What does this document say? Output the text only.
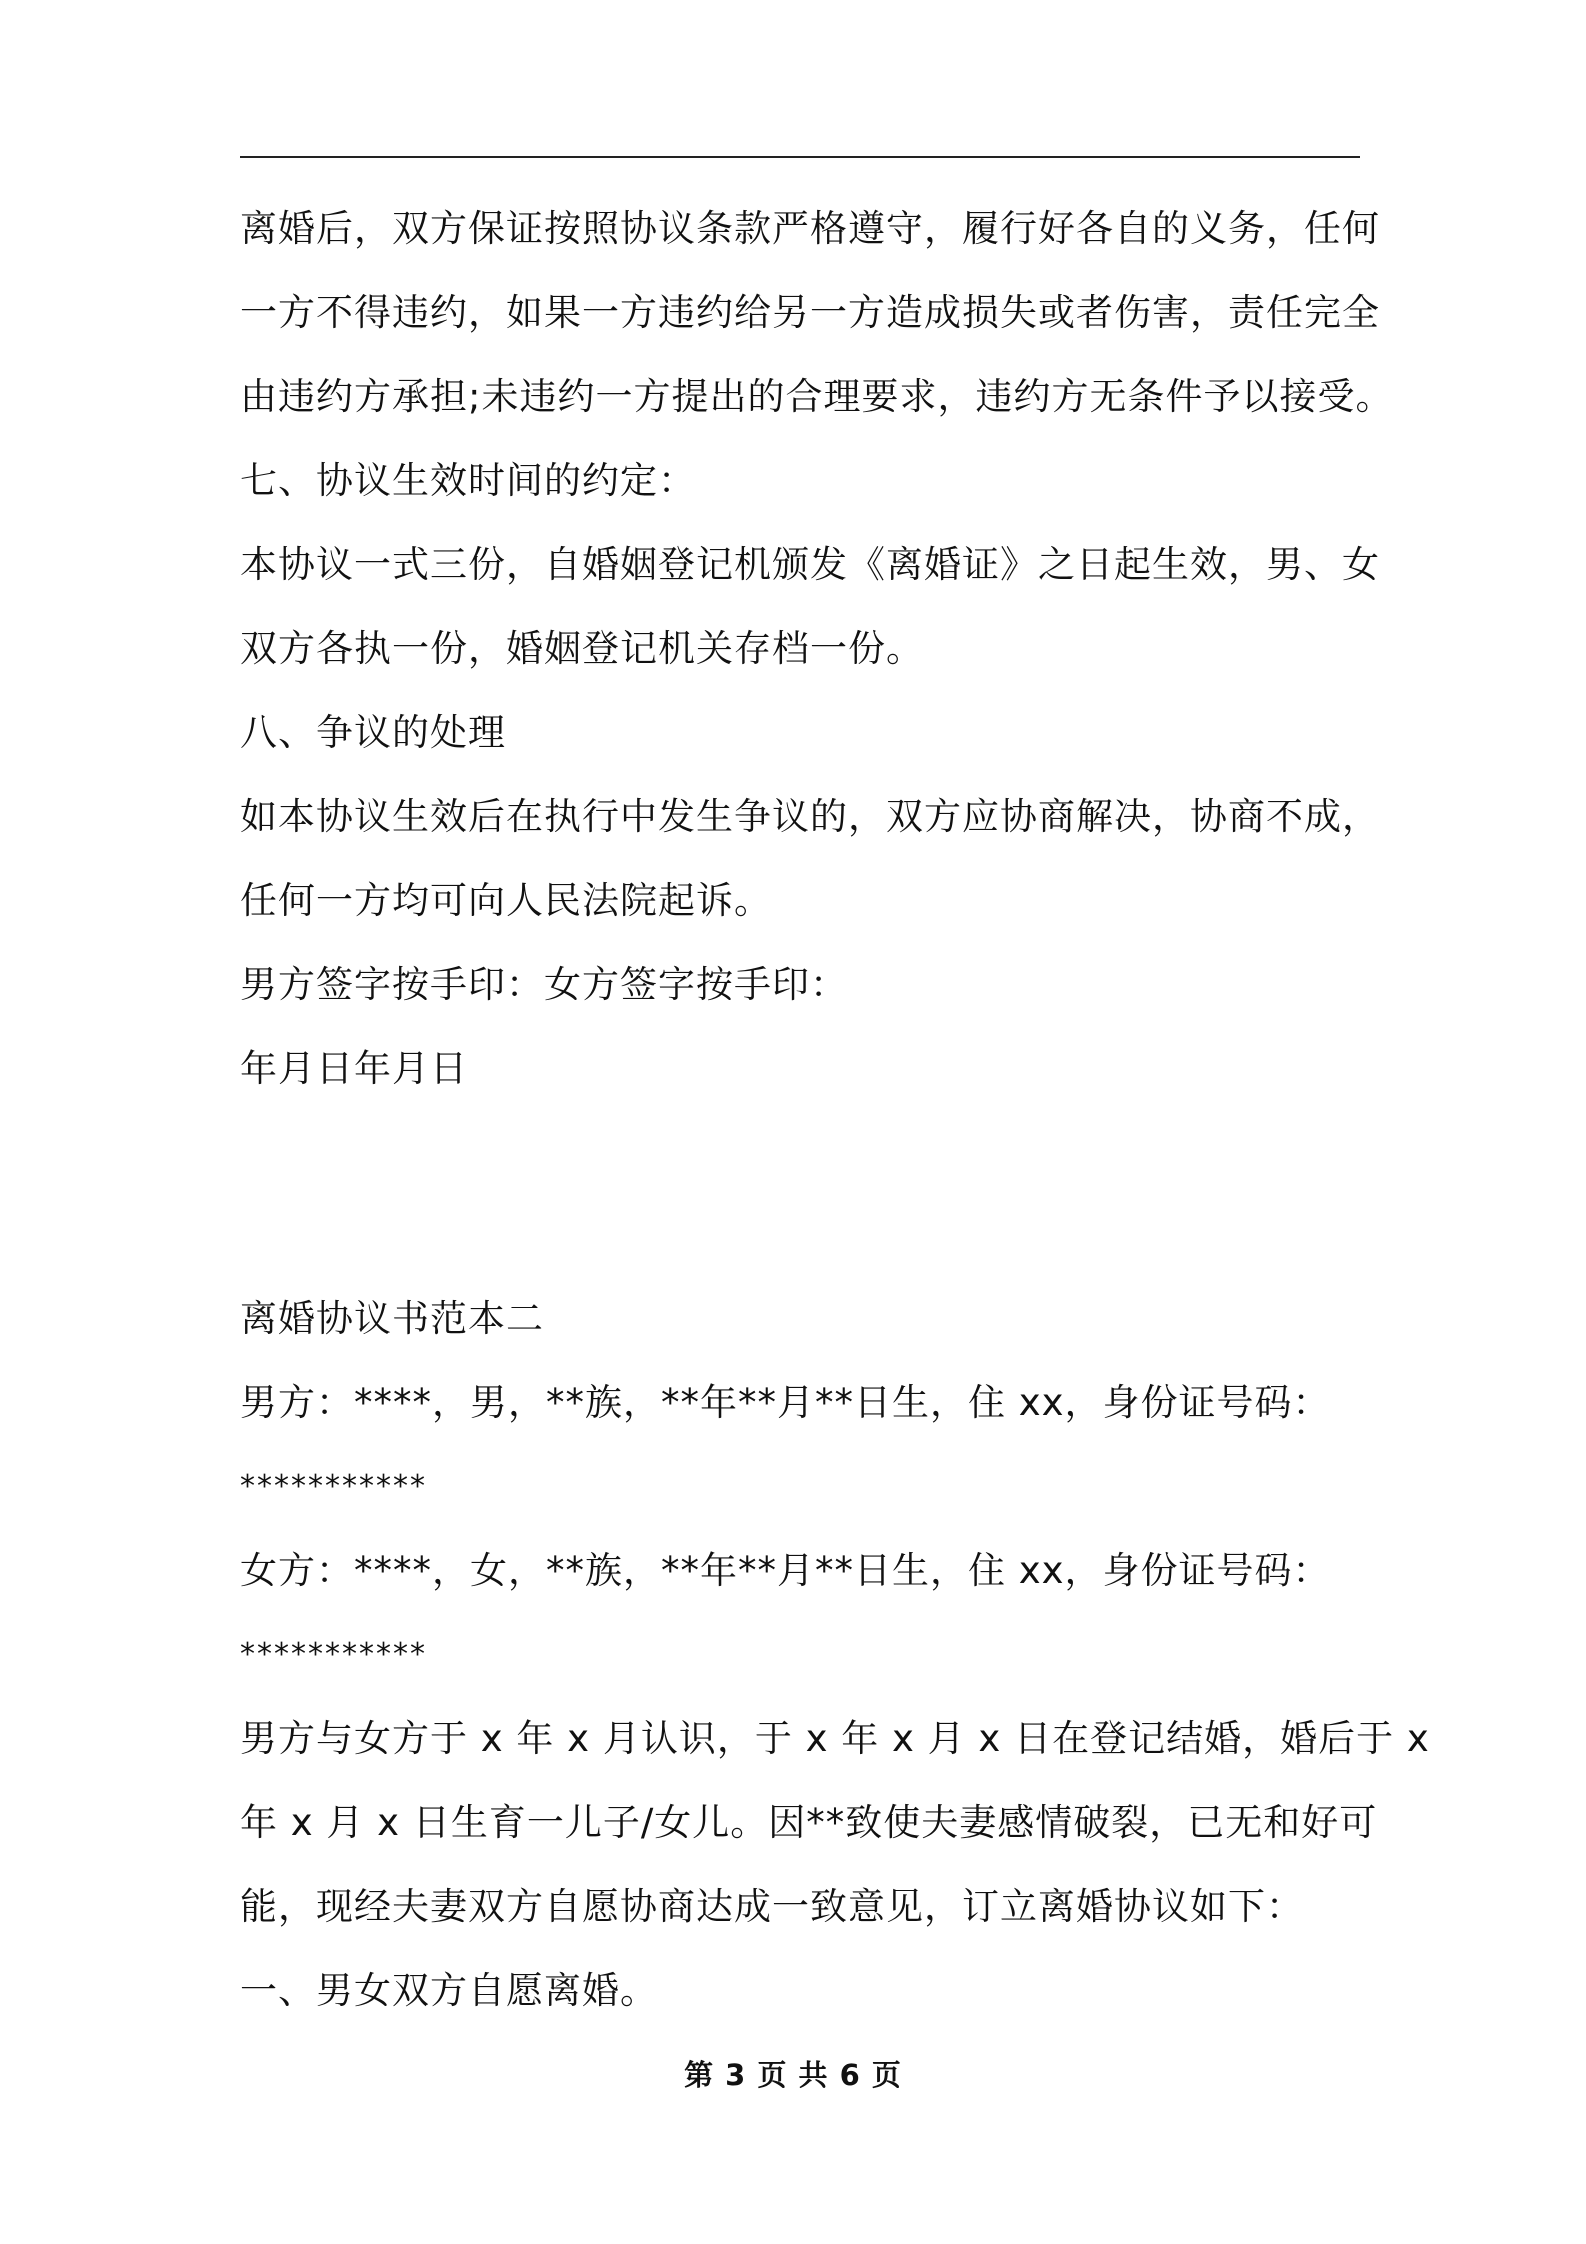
离婚后，双方保证按照协议条款严格遵守，履行好各自的义务，任何
一方不得违约，如果一方违约给另一方造成损失或者伤害，责任完全
由违约方承担;未违约一方提出的合理要求，违约方无条件予以接受。
七、协议生效时间的约定：
本协议一式三份，自婚姻登记机颁发《离婚证》之日起生效，男、女
双方各执一份，婚姻登记机关存档一份。
八、争议的处理
如本协议生效后在执行中发生争议的，双方应协商解决，协商不成，
任何一方均可向人民法院起诉。
男方签字按手印：女方签字按手印：
年月日年月日
离婚协议书范本二
男方：****，男，**族，**年**月**日生，住 xx，身份证号码：
***********
女方：****，女，**族，**年**月**日生，住 xx，身份证号码：
***********
男方与女方于 x 年 x 月认识，于 x 年 x 月 x 日在登记结婚，婚后于 x
年 x 月 x 日生育一儿子/女儿。因**致使夫妻感情破裂，已无和好可
能，现经夫妻双方自愿协商达成一致意见，订立离婚协议如下：
一、男女双方自愿离婚。
第 3 页 共 6 页
